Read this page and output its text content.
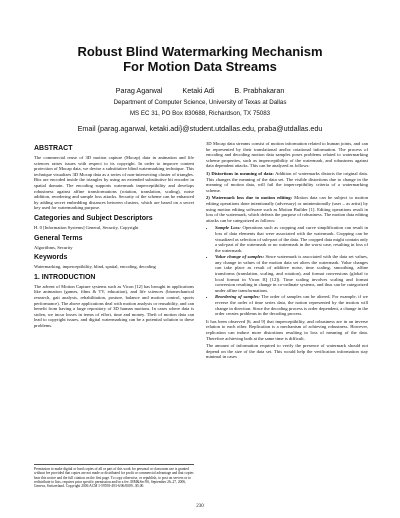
Robust Blind Watermarking Mechanism
For Motion Data Streams
Parag Agarwal	Ketaki Adi	B. Prabhakaran
Department of Computer Science, University of Texas at Dallas
MS EC 31, PO Box 830688, Richardson, TX 75083
Email {parag.agarwal, ketaki.adi}@student.utdallas.edu, praba@utdallas.edu
ABSTRACT

The commercial reuse of 3D motion capture (Mocap) data in animation and life sciences raises issues with respect to its copyright. In order to improve content protection of Mocap data, we devise a substitutive blind watermarking technique. This technique visualizes 3D Mocap data as a series of non-intersecting cluster of triangles. Bits are encoded inside the triangles by using an extended substitutive bit encoder in spatial domain. The encoding supports watermark imperceptibility and develops robustness against affine transformations (rotation, translation, scaling), noise addition, reordering and sample loss attacks. Security of the scheme can be enhanced by adding secret embedding distances between clusters, which are based on a secret key used for watermarking purpose.

Categories and Subject Descriptors

H. 0 [Information Systems] General, Security, Copyright

General Terms

Algorithms, Security

Keywords

Watermarking, imperceptibility, blind, spatial, encoding, decoding

1. INTRODUCTION

The advent of Motion Capture systems such as Vicon [12] has brought in applications like animation (games, films & TV, education), and life sciences (biomechanical research, gait analysis, rehabilitation, posture, balance and motion control, sports performance). The above applications deal with motion analysis or reusability, and can benefit from having a large repository of 3D human motions. In cases where data is stolen, we incur losses in terms of effort, time and money. Theft of motion data can lead to copyright issues, and digital watermarking can be a potential solution to these problems.

Permission to make digital or hard copies of all or part of this work for personal or classroom use is granted without fee provided that copies are not made or distributed for profit or commercial advantage and that copies bear this notice and the full citation on the first page. To copy otherwise, or republish, to post on servers or to redistribute to lists, requires prior specific permission and/or a fee. MM&Sec'06, September 26–27, 2006, Geneva, Switzerland. Copyright 2006 ACM 1-59593-493-6/06/0009...$5.00.

3D Mocap data streams consist of motion information related to human joints, and can be represented by their translational and/or rotational information. The process of encoding and decoding motion data samples poses problems related to watermarking scheme properties, such as imperceptibility of the watermark, and robustness against data dependent attacks. This can be analyzed as follows:

1) Distortions in meaning of data: Addition of watermarks distorts the original data. This changes the meaning of the data set. The visible distortions due to change in the meaning of motion data, will fail the imperceptibility criteria of a watermarking scheme.

2) Watermark loss due to motion editing: Motion data can be subject to motion editing operations done intentionally (adversary) or unintentionally (user – as artist) by using motion editing software such as Motion Builder [1]. Editing operations result in loss of the watermark, which defeats the purpose of robustness. The motion data editing attacks can be categorized as follows:

• Sample Loss: Operations such as cropping and curve simplification can result in loss of data elements that were associated with the watermark. Cropping can be visualized as selection of sub-part of the data. The cropped data might contain only a sub-part of the watermark or no watermark in the worst case, resulting in loss of the watermark.
• Value change of samples: Since watermark is associated with the data set values, any change in values of the motion data set alters the watermark. Value changes can take place as result of additive noise, time scaling, smoothing, affine transforms (translation, scaling, and rotation), and format conversions (global to local format in Vicon IQ [12]). Time scaling involves scaling and format conversion resulting in change in co-ordinate systems, and thus can be categorized under affine transformations.
• Reordering of samples: The order of samples can be altered. For example, if we reverse the order of time series data, the notion represented by the motion will change in direction. Since the decoding process is order dependent, a change in the order creates problems in the decoding process.

It has been observed [6, and 9] that imperceptibility, and robustness are in an inverse relation to each other. Replication is a mechanism of achieving robustness. However, replication can induce more distortions resulting in loss of meaning of the data. Therefore achieving both at the same time is difficult.

The amount of information required to verify the presence of watermark should not depend on the size of the data set. This would help the verification information stay minimal in cases

230
